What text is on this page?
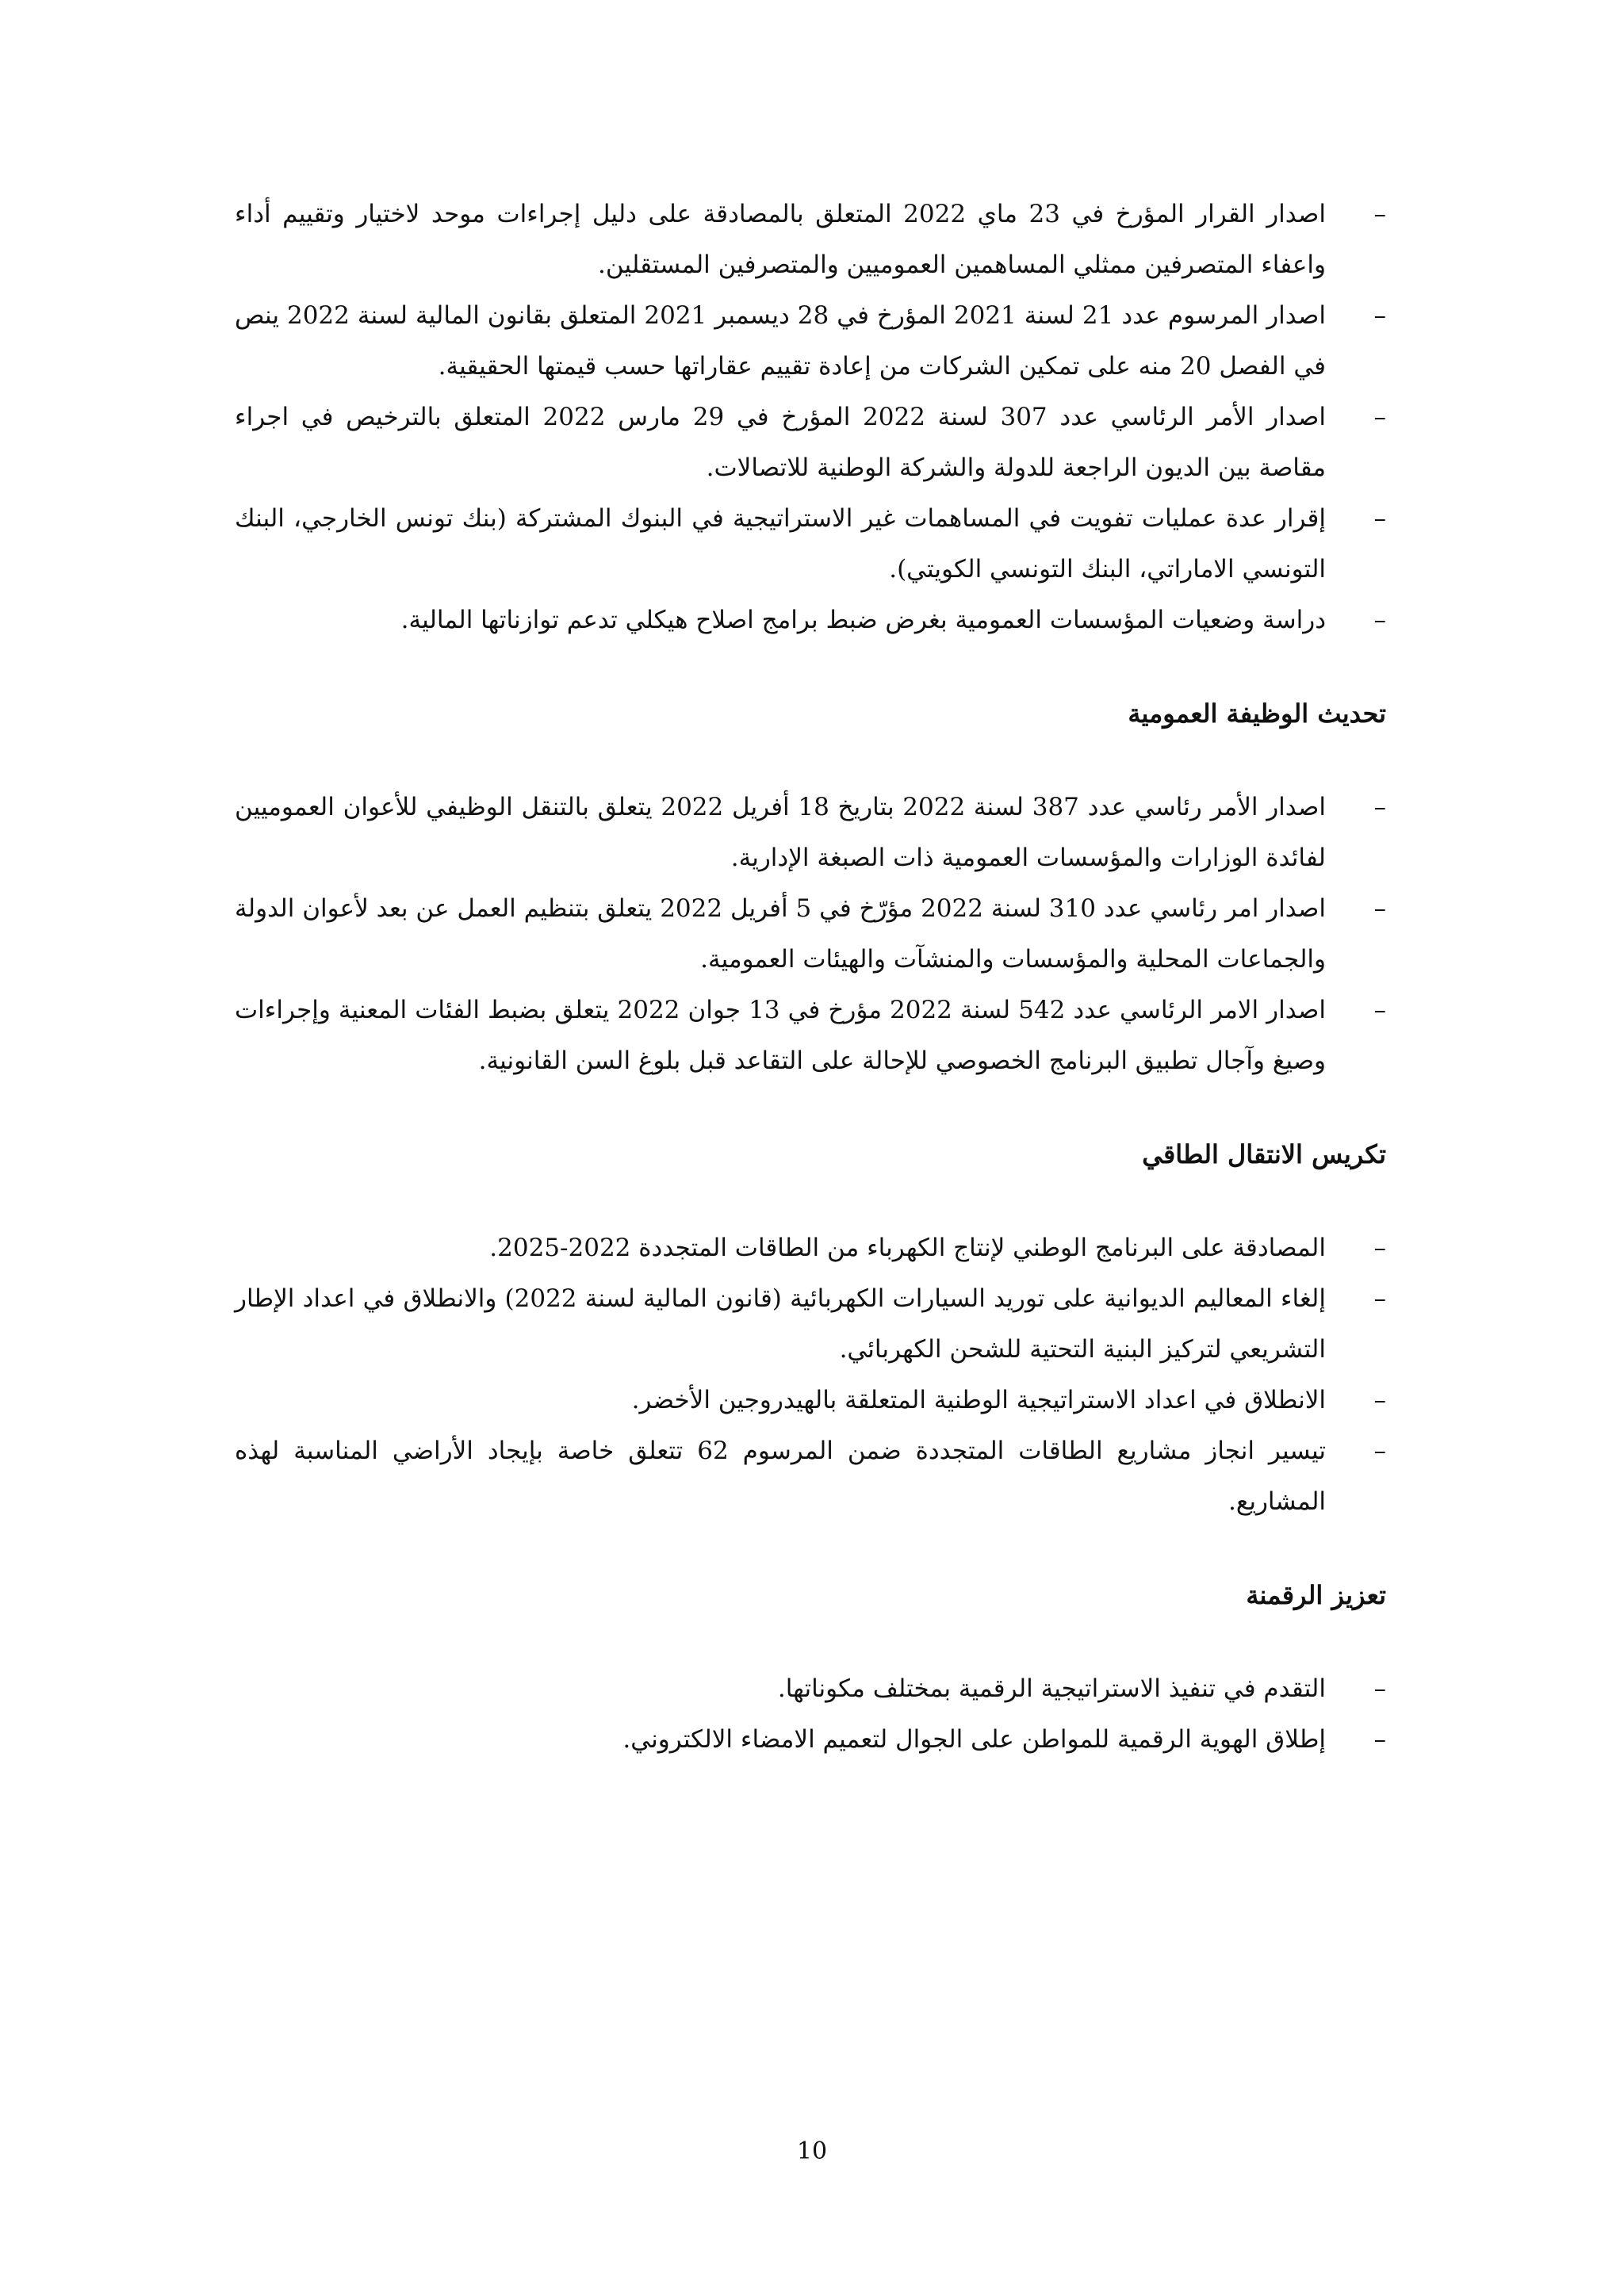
–
اصدار القرار المؤرخ في 23 ماي 2022 المتعلق بالمصادقة على دليل إجراءات موحد لاختيار وتقييم أداء واعفاء المتصرفين ممثلي المساهمين العموميين والمتصرفين المستقلين.
–
اصدار المرسوم عدد 21 لسنة 2021 المؤرخ في 28 ديسمبر 2021 المتعلق بقانون المالية لسنة 2022 ينص في الفصل 20 منه على تمكين الشركات من إعادة تقييم عقاراتها حسب قيمتها الحقيقية.
–
اصدار الأمر الرئاسي عدد 307 لسنة 2022 المؤرخ في 29 مارس 2022 المتعلق بالترخيص في اجراء مقاصة بين الديون الراجعة للدولة والشركة الوطنية للاتصالات.
–
إقرار عدة عمليات تفويت في المساهمات غير الاستراتيجية في البنوك المشتركة (بنك تونس الخارجي، البنك التونسي الاماراتي، البنك التونسي الكويتي).
–
دراسة وضعيات المؤسسات العمومية بغرض ضبط برامج اصلاح هيكلي تدعم توازناتها المالية.
تحديث الوظيفة العمومية
–
اصدار الأمر رئاسي عدد 387 لسنة 2022 بتاريخ 18 أفريل 2022 يتعلق بالتنقل الوظيفي للأعوان العموميين لفائدة الوزارات والمؤسسات العمومية ذات الصبغة الإدارية.
–
اصدار امر رئاسي عدد 310 لسنة 2022 مؤرّخ في 5 أفريل 2022 يتعلق بتنظيم العمل عن بعد لأعوان الدولة والجماعات المحلية والمؤسسات والمنشآت والهيئات العمومية.
–
اصدار الامر الرئاسي عدد 542 لسنة 2022 مؤرخ في 13 جوان 2022 يتعلق بضبط الفئات المعنية وإجراءات وصيغ وآجال تطبيق البرنامج الخصوصي للإحالة على التقاعد قبل بلوغ السن القانونية.
تكريس الانتقال الطاقي
–
المصادقة على البرنامج الوطني لإنتاج الكهرباء من الطاقات المتجددة 2022-2025.
–
إلغاء المعاليم الديوانية على توريد السيارات الكهربائية (قانون المالية لسنة 2022) والانطلاق في اعداد الإطار التشريعي لتركيز البنية التحتية للشحن الكهربائي.
–
الانطلاق في اعداد الاستراتيجية الوطنية المتعلقة بالهيدروجين الأخضر.
–
تيسير انجاز مشاريع الطاقات المتجددة ضمن المرسوم 62 تتعلق خاصة بإيجاد الأراضي المناسبة لهذه المشاريع.
تعزيز الرقمنة
–
التقدم في تنفيذ الاستراتيجية الرقمية بمختلف مكوناتها.
–
إطلاق الهوية الرقمية للمواطن على الجوال لتعميم الامضاء الالكتروني.
10
